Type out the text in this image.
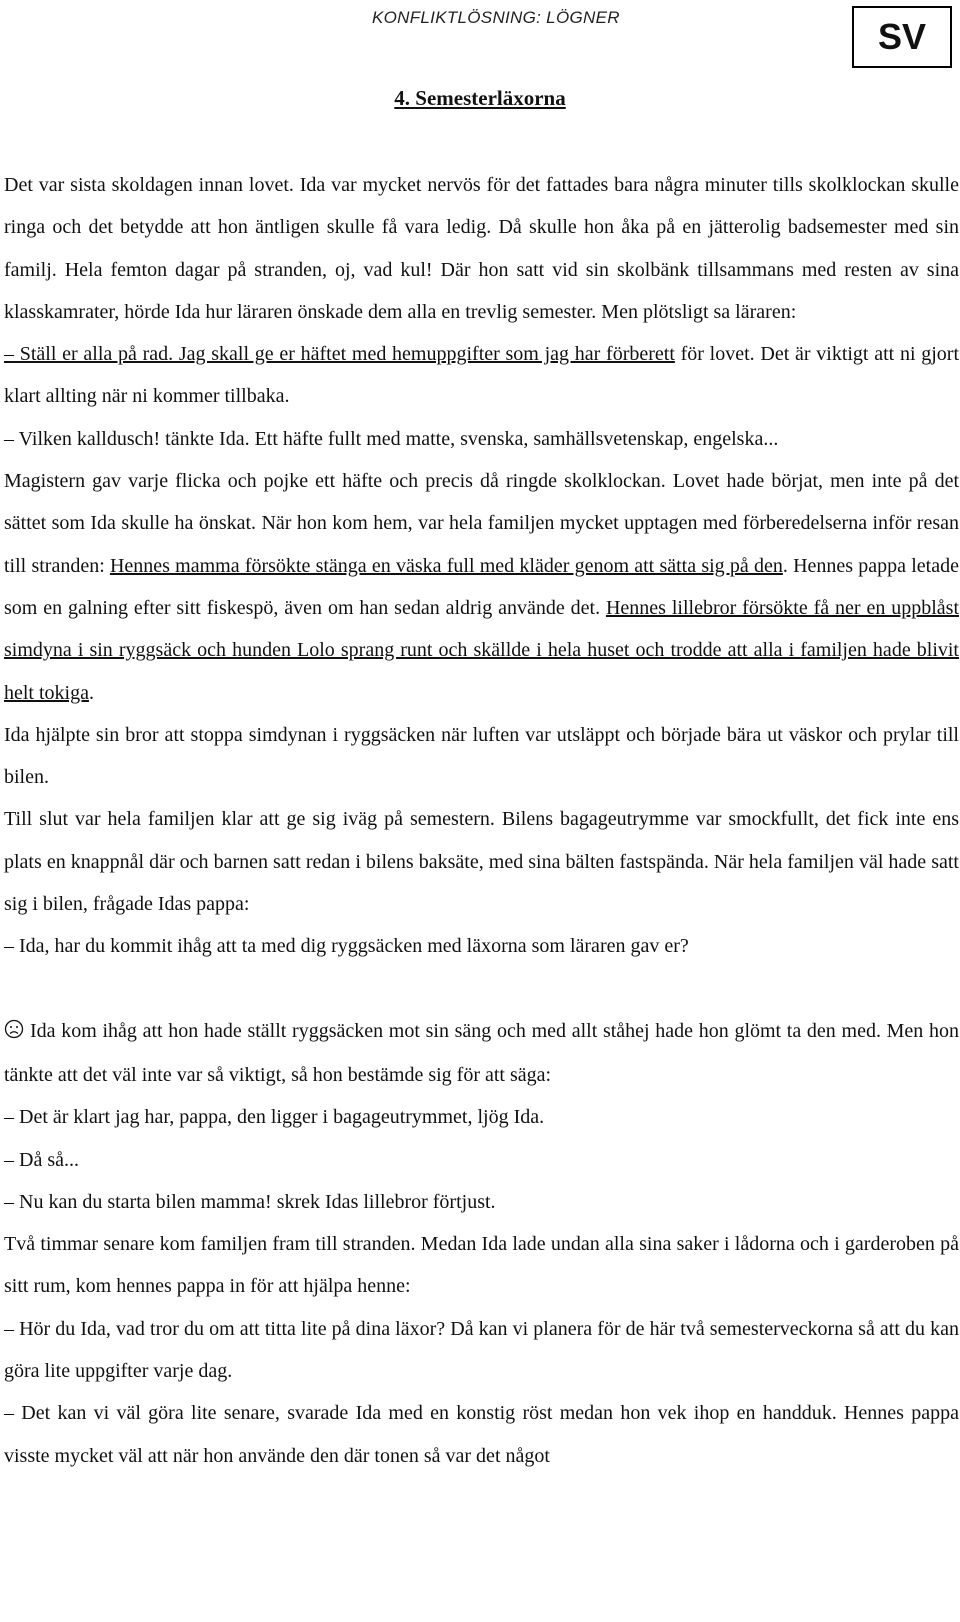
KONFLIKTLÖSNING: LÖGNER	SV
4. Semesterläxorna

Det var sista skoldagen innan lovet. Ida var mycket nervös för det fattades bara några minuter tills skolklockan skulle ringa och det betydde att hon äntligen skulle få vara ledig. Då skulle hon åka på en jätterolig badsemester med sin familj. Hela femton dagar på stranden, oj, vad kul! Där hon satt vid sin skolbänk tillsammans med resten av sina klasskamrater, hörde Ida hur läraren önskade dem alla en trevlig semester. Men plötsligt sa läraren:

– Ställ er alla på rad. Jag skall ge er häftet med hemuppgifter som jag har förberett för lovet. Det är viktigt att ni gjort klart allting när ni kommer tillbaka.

– Vilken kalldusch! tänkte Ida. Ett häfte fullt med matte, svenska, samhällsvetenskap, engelska...

Magistern gav varje flicka och pojke ett häfte och precis då ringde skolklockan. Lovet hade börjat, men inte på det sättet som Ida skulle ha önskat. När hon kom hem, var hela familjen mycket upptagen med förberedelserna inför resan till stranden: Hennes mamma försökte stänga en väska full med kläder genom att sätta sig på den. Hennes pappa letade som en galning efter sitt fiskespö, även om han sedan aldrig använde det. Hennes lillebror försökte få ner en uppblåst simdyna i sin ryggsäck och hunden Lolo sprang runt och skällde i hela huset och trodde att alla i familjen hade blivit helt tokiga.

Ida hjälpte sin bror att stoppa simdynan i ryggsäcken när luften var utsläppt och började bära ut väskor och prylar till bilen.

Till slut var hela familjen klar att ge sig iväg på semestern. Bilens bagageutrymme var smockfullt, det fick inte ens plats en knappnål där och barnen satt redan i bilens baksäte, med sina bälten fastspända. När hela familjen väl hade satt sig i bilen, frågade Idas pappa:

– Ida, har du kommit ihåg att ta med dig ryggsäcken med läxorna som läraren gav er?

Ida kom ihåg att hon hade ställt ryggsäcken mot sin säng och med allt ståhej hade hon glömt ta den med. Men hon tänkte att det väl inte var så viktigt, så hon bestämde sig för att säga:

– Det är klart jag har, pappa, den ligger i bagageutrymmet, ljög Ida.

– Då så...

– Nu kan du starta bilen mamma! skrek Idas lillebror förtjust.

Två timmar senare kom familjen fram till stranden. Medan Ida lade undan alla sina saker i lådorna och i garderoben på sitt rum, kom hennes pappa in för att hjälpa henne:

– Hör du Ida, vad tror du om att titta lite på dina läxor? Då kan vi planera för de här två semesterveckorna så att du kan göra lite uppgifter varje dag.

– Det kan vi väl göra lite senare, svarade Ida med en konstig röst medan hon vek ihop en handduk. Hennes pappa visste mycket väl att när hon använde den där tonen så var det något
